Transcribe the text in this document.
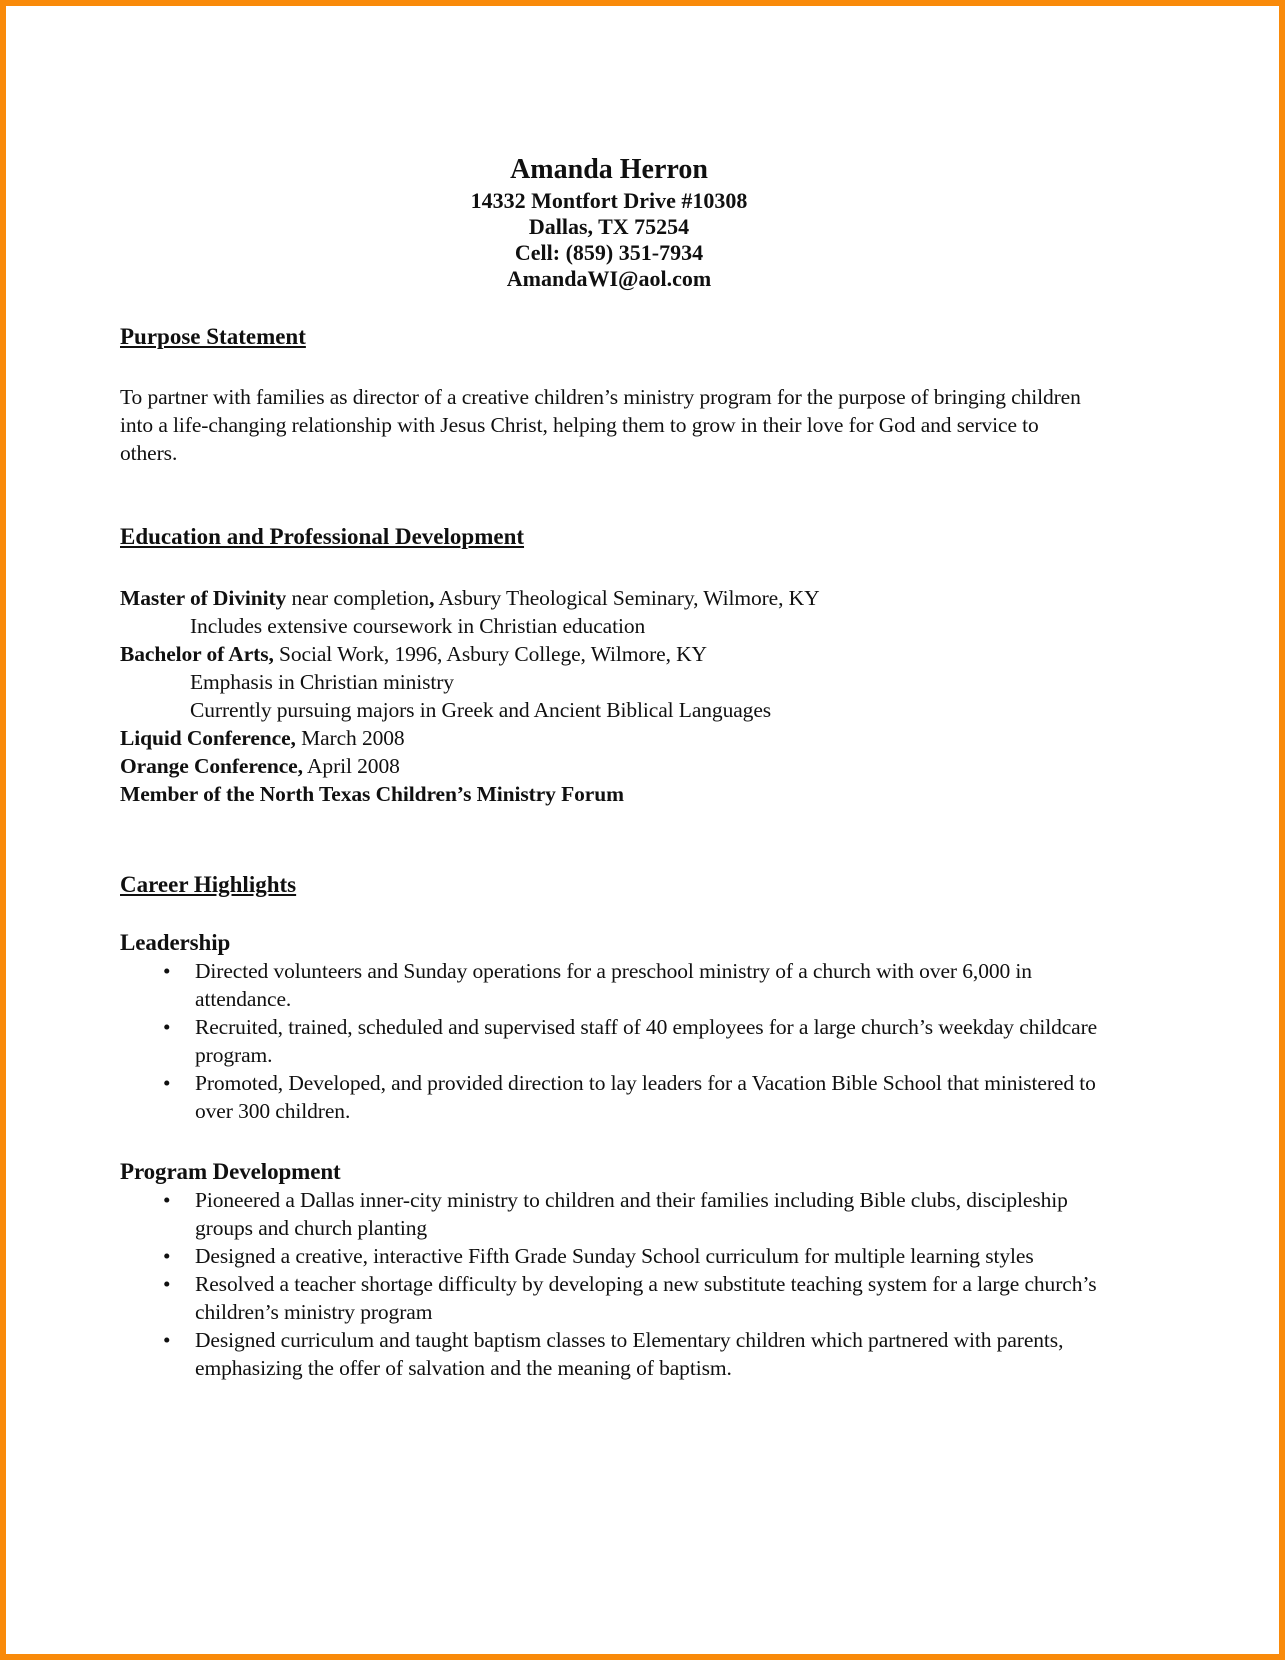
Amanda Herron
14332 Montfort Drive #10308
Dallas, TX 75254
Cell: (859) 351-7934
AmandaWI@aol.com
Purpose Statement

To partner with families as director of a creative children’s ministry program for the purpose of bringing children into a life-changing relationship with Jesus Christ, helping them to grow in their love for God and service to others.

Education and Professional Development
Master of Divinity near completion, Asbury Theological Seminary, Wilmore, KY
Includes extensive coursework in Christian education
Bachelor of Arts, Social Work, 1996, Asbury College, Wilmore, KY
Emphasis in Christian ministry
Currently pursuing majors in Greek and Ancient Biblical Languages
Liquid Conference, March 2008
Orange Conference, April 2008
Member of the North Texas Children’s Ministry Forum
Career Highlights
Leadership
• Directed volunteers and Sunday operations for a preschool ministry of a church with over 6,000 in attendance.
• Recruited, trained, scheduled and supervised staff of 40 employees for a large church’s weekday childcare program.
• Promoted, Developed, and provided direction to lay leaders for a Vacation Bible School that ministered to over 300 children.
Program Development
• Pioneered a Dallas inner-city ministry to children and their families including Bible clubs, discipleship groups and church planting
• Designed a creative, interactive Fifth Grade Sunday School curriculum for multiple learning styles
• Resolved a teacher shortage difficulty by developing a new substitute teaching system for a large church’s children’s ministry program
• Designed curriculum and taught baptism classes to Elementary children which partnered with parents, emphasizing the offer of salvation and the meaning of baptism.
